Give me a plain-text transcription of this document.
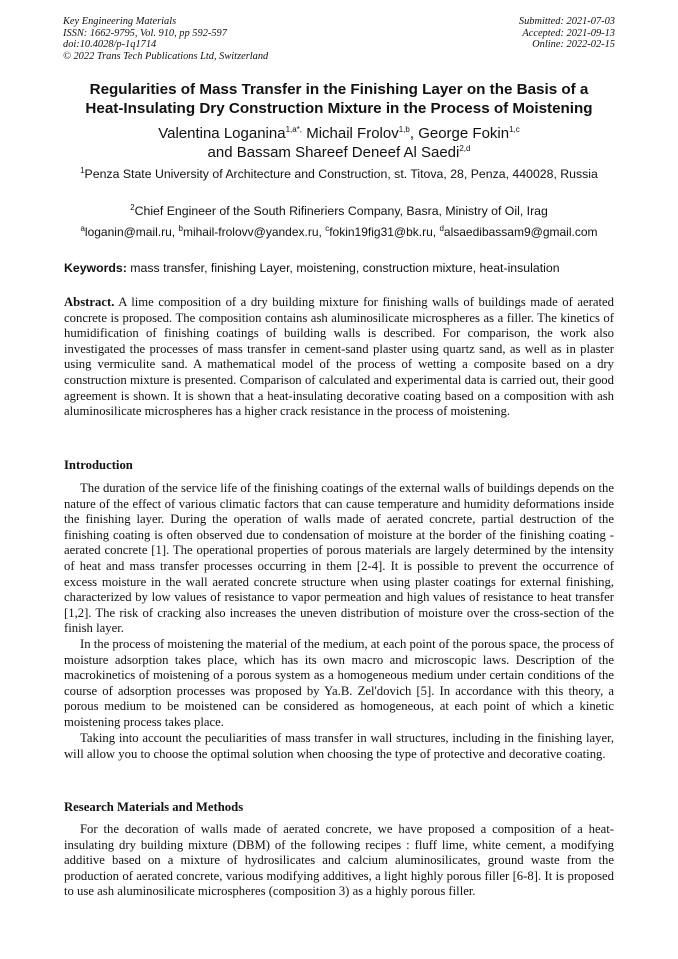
Key Engineering Materials
ISSN: 1662-9795, Vol. 910, pp 592-597
doi:10.4028/p-1q1714
© 2022 Trans Tech Publications Ltd, Switzerland
Submitted: 2021-07-03
Accepted: 2021-09-13
Online: 2022-02-15
Regularities of Mass Transfer in the Finishing Layer on the Basis of a
Heat-Insulating Dry Construction Mixture in the Process of Moistening
Valentina Loganina$^{1,a*,}$ Michail Frolov$^{1,b}$, George Fokin$^{1,c}$
and Bassam Shareef Deneef Al Saedi$^{2,d}$
$^1$Penza State University of Architecture and Construction, st. Titova, 28, Penza, 440028, Russia
$^2$Chief Engineer of the South Rifineriers Company, Basra, Ministry of Oil, Irag
$^a$loganin@mail.ru, $^b$mihail-frolovv@yandex.ru, $^c$fokin19fig31@bk.ru, $^d$alsaedibassam9@gmail.com
Keywords: mass transfer, finishing Layer, moistening, construction mixture, heat-insulation
Abstract. A lime composition of a dry building mixture for finishing walls of buildings made of aerated concrete is proposed. The composition contains ash aluminosilicate microspheres as a filler. The kinetics of humidification of finishing coatings of building walls is described. For comparison, the work also investigated the processes of mass transfer in cement-sand plaster using quartz sand, as well as in plaster using vermiculite sand. A mathematical model of the process of wetting a composite based on a dry construction mixture is presented. Comparison of calculated and experimental data is carried out, their good agreement is shown. It is shown that a heat-insulating decorative coating based on a composition with ash aluminosilicate microspheres has a higher crack resistance in the process of moistening.
Introduction
The duration of the service life of the finishing coatings of the external walls of buildings depends on the nature of the effect of various climatic factors that can cause temperature and humidity deformations inside the finishing layer. During the operation of walls made of aerated concrete, partial destruction of the finishing coating is often observed due to condensation of moisture at the border of the finishing coating - aerated concrete [1]. The operational properties of porous materials are largely determined by the intensity of heat and mass transfer processes occurring in them [2-4]. It is possible to prevent the occurrence of excess moisture in the wall aerated concrete structure when using plaster coatings for external finishing, characterized by low values of resistance to vapor permeation and high values of resistance to heat transfer [1,2]. The risk of cracking also increases the uneven distribution of moisture over the cross-section of the finish layer.
In the process of moistening the material of the medium, at each point of the porous space, the process of moisture adsorption takes place, which has its own macro and microscopic laws. Description of the macrokinetics of moistening of a porous system as a homogeneous medium under certain conditions of the course of adsorption processes was proposed by Ya.B. Zel'dovich [5]. In accordance with this theory, a porous medium to be moistened can be considered as homogeneous, at each point of which a kinetic moistening process takes place.
Taking into account the peculiarities of mass transfer in wall structures, including in the finishing layer, will allow you to choose the optimal solution when choosing the type of protective and decorative coating.
Research Materials and Methods
For the decoration of walls made of aerated concrete, we have proposed a composition of a heat-insulating dry building mixture (DBM) of the following recipes : fluff lime, white cement, a modifying additive based on a mixture of hydrosilicates and calcium aluminosilicates, ground waste from the production of aerated concrete, various modifying additives, a light highly porous filler [6-8]. It is proposed to use ash aluminosilicate microspheres (composition 3) as a highly porous filler.
